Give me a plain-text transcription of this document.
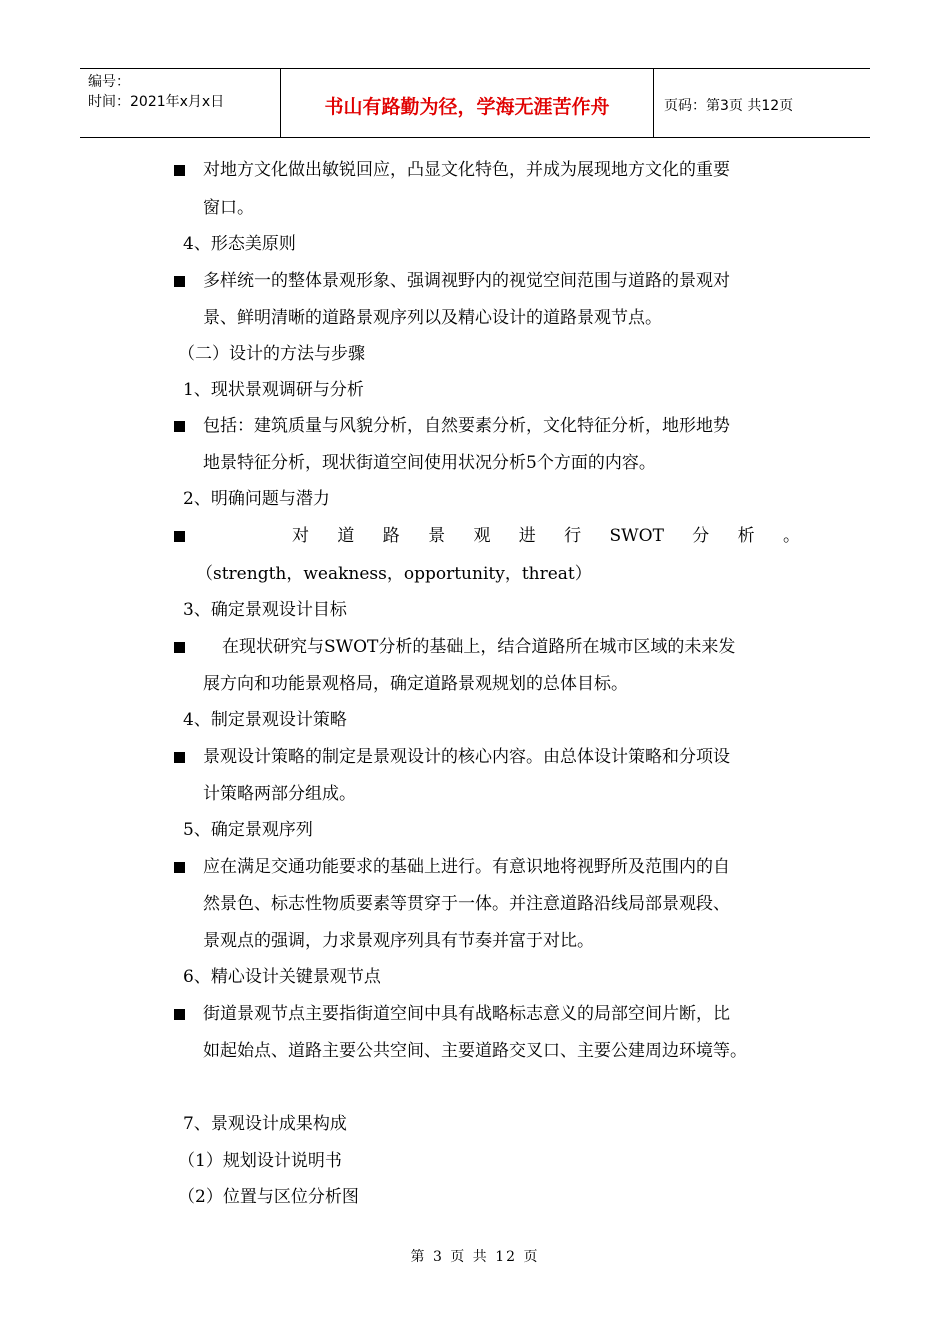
编号：
时间：2021年x月x日	书山有路勤为径，学海无涯苦作舟	页码：第3页 共12页
对地方文化做出敏锐回应，凸显文化特色，并成为展现地方文化的重要
窗口。
4、形态美原则
多样统一的整体景观形象、强调视野内的视觉空间范围与道路的景观对
景、鲜明清晰的道路景观序列以及精心设计的道路景观节点。
（二）设计的方法与步骤
1、现状景观调研与分析
包括：建筑质量与风貌分析，自然要素分析，文化特征分析，地形地势
地景特征分析，现状街道空间使用状况分析5个方面的内容。
2、明确问题与潜力
对 道 路 景 观 进 行 SWOT 分 析 。
（strength，weakness，opportunity，threat）
3、确定景观设计目标
在现状研究与SWOT分析的基础上，结合道路所在城市区域的未来发
展方向和功能景观格局，确定道路景观规划的总体目标。
4、制定景观设计策略
景观设计策略的制定是景观设计的核心内容。由总体设计策略和分项设
计策略两部分组成。
5、确定景观序列
应在满足交通功能要求的基础上进行。有意识地将视野所及范围内的自
然景色、标志性物质要素等贯穿于一体。并注意道路沿线局部景观段、
景观点的强调，力求景观序列具有节奏并富于对比。
6、精心设计关键景观节点
街道景观节点主要指街道空间中具有战略标志意义的局部空间片断，比
如起始点、道路主要公共空间、主要道路交叉口、主要公建周边环境等。
7、景观设计成果构成
（1）规划设计说明书
（2）位置与区位分析图
第 3 页 共 12 页
